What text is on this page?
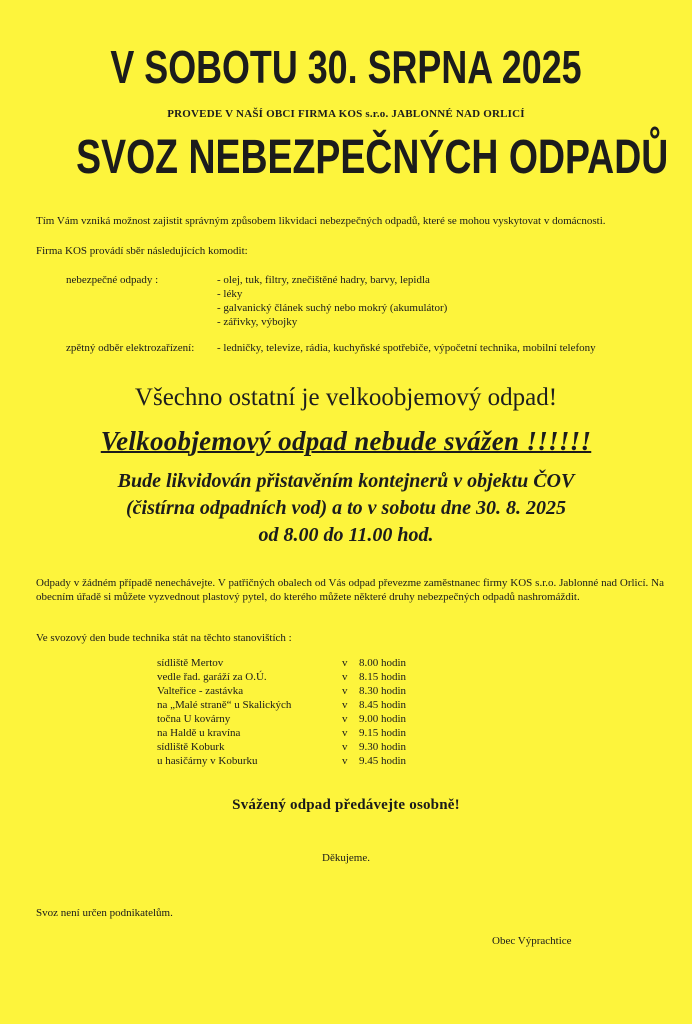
V SOBOTU 30. SRPNA 2025
PROVEDE V NAŠÍ OBCI FIRMA KOS s.r.o. JABLONNÉ NAD ORLICÍ
SVOZ NEBEZPEČNÝCH ODPADŮ
Tím Vám vzniká možnost zajistit správným způsobem likvidaci nebezpečných odpadů, které se mohou vyskytovat v domácnosti.
Firma KOS provádí sběr následujících komodit:
nebezpečné odpady :	- olej, tuk, filtry, znečištěné hadry, barvy, lepidla
- léky
- galvanický článek suchý nebo mokrý (akumulátor)
- zářivky, výbojky
zpětný odběr elektrozařízení: - ledničky, televize, rádia, kuchyňské spotřebiče, výpočetní technika, mobilní telefony
Všechno ostatní je velkoobjemový odpad!
Velkoobjemový odpad nebude svážen !!!!!!
Bude likvidován přistavěním kontejnerů v objektu ČOV
(čistírna odpadních vod) a to v sobotu dne 30. 8. 2025
od 8.00 do 11.00 hod.
Odpady v žádném případě nenechávejte. V patřičných obalech od Vás odpad převezme zaměstnanec firmy KOS s.r.o. Jablonné nad Orlicí. Na obecním úřadě si můžete vyzvednout plastový pytel, do kterého můžete některé druhy nebezpečných odpadů nashromáždit.
Ve svozový den bude technika stát na těchto stanovištích :
sídliště Mertov	v 8.00 hodin
vedle řad. garáží za O.Ú.	v 8.15 hodin
Valteřice - zastávka	v 8.30 hodin
na „Malé straně“ u Skalických	v 8.45 hodin
točna U kovárny	v 9.00 hodin
na Haldě u kravína	v 9.15 hodin
sídliště Koburk	v 9.30 hodin
u hasičárny v Koburku	v 9.45 hodin
Svážený odpad předávejte osobně!
Děkujeme.
Svoz není určen podnikatelům.
Obec Výprachtice
